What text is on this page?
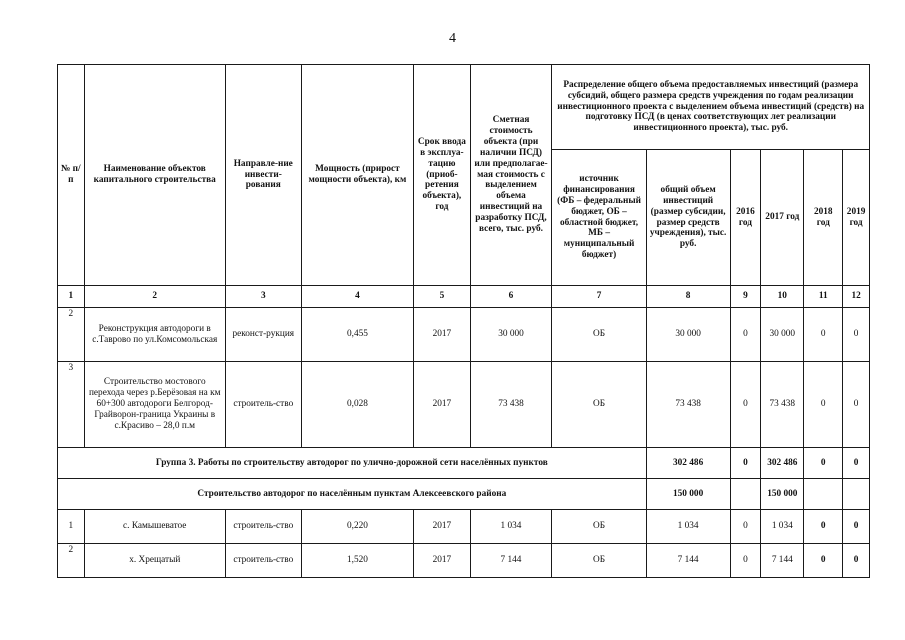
4
№ п/п	Наименование объектов капитального строительства	Направле-ние инвести-рования	Мощность (прирост мощности объекта), км	Срок ввода в эксплуа-тацию (приоб-ретения объекта), год	Сметная стоимость объекта (при наличии ПСД) или предполагае-мая стоимость с выделением объема инвестиций на разработку ПСД, всего, тыс. руб.	Распределение общего объема предоставляемых инвестиций (размера субсидий, общего размера средств учреждения по годам реализации инвестиционного проекта с выделением объема инвестиций (средств) на подготовку ПСД (в ценах соответствующих лет реализации инвестиционного проекта), тыс. руб.					
						источник финансирования (ФБ – федеральный бюджет, ОБ – областной бюджет, МБ – муниципальный бюджет)	общий объем инвестиций (размер субсидии, размер средств учреждения), тыс. руб.	2016 год	2017 год	2018 год	2019 год
1	2	3	4	5	6	7	8	9	10	11	12
2	Реконструкция автодороги в с.Таврово по ул.Комсомольская	реконст-рукция	0,455	2017	30 000	ОБ	30 000	0	30 000	0	0
3	Строительство мостового перехода через р.Берёзовая на км 60+300 автодороги Белгород-Грайворон-граница Украины в с.Красиво – 28,0 п.м	строитель-ство	0,028	2017	73 438	ОБ	73 438	0	73 438	0	0
Группа 3. Работы по строительству автодорог по улично-дорожной сети населённых пунктов							302 486	0	302 486	0	0
Строительство автодорог по населённым пунктам Алексеевского района							150 000		150 000		
1	с. Камышеватое	строитель-ство	0,220	2017	1 034	ОБ	1 034	0	1 034	0	0
2	х. Хрещатый	строитель-ство	1,520	2017	7 144	ОБ	7 144	0	7 144	0	0
